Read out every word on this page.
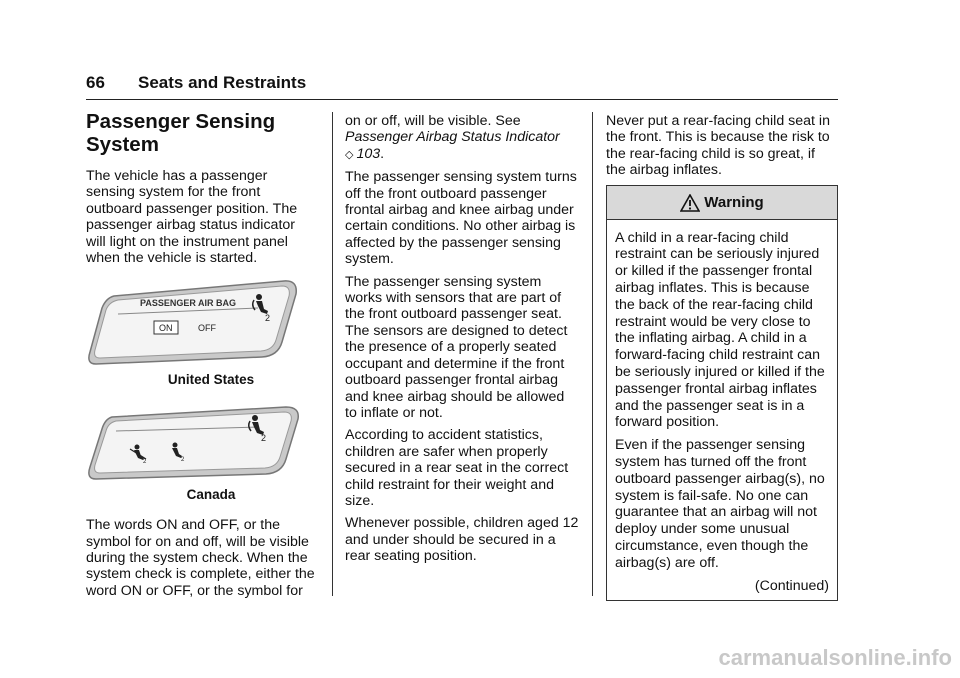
66 Seats and Restraints
Passenger Sensing System

The vehicle has a passenger sensing system for the front outboard passenger position. The passenger airbag status indicator will light on the instrument panel when the vehicle is started.

PASSENGER AIR BAG
ON	OFF
2
United States
2
2	2
Canada

The words ON and OFF, or the symbol for on and off, will be visible during the system check. When the system check is complete, either the word ON or OFF, or the symbol for

on or off, will be visible. See
Passenger Airbag Status Indicator
◇ 103.

The passenger sensing system turns off the front outboard passenger frontal airbag and knee airbag under certain conditions. No other airbag is affected by the passenger sensing system.

The passenger sensing system works with sensors that are part of the front outboard passenger seat. The sensors are designed to detect the presence of a properly seated occupant and determine if the front outboard passenger frontal airbag and knee airbag should be allowed to inflate or not.

According to accident statistics, children are safer when properly secured in a rear seat in the correct child restraint for their weight and size.

Whenever possible, children aged 12 and under should be secured in a rear seating position.

Never put a rear-facing child seat in the front. This is because the risk to the rear-facing child is so great, if the airbag inflates.

Warning

A child in a rear-facing child restraint can be seriously injured or killed if the passenger frontal airbag inflates. This is because the back of the rear-facing child restraint would be very close to the inflating airbag. A child in a forward-facing child restraint can be seriously injured or killed if the passenger frontal airbag inflates and the passenger seat is in a forward position.

Even if the passenger sensing system has turned off the front outboard passenger airbag(s), no system is fail-safe. No one can guarantee that an airbag will not deploy under some unusual circumstance, even though the airbag(s) are off.

(Continued)
carmanualsonline.info
